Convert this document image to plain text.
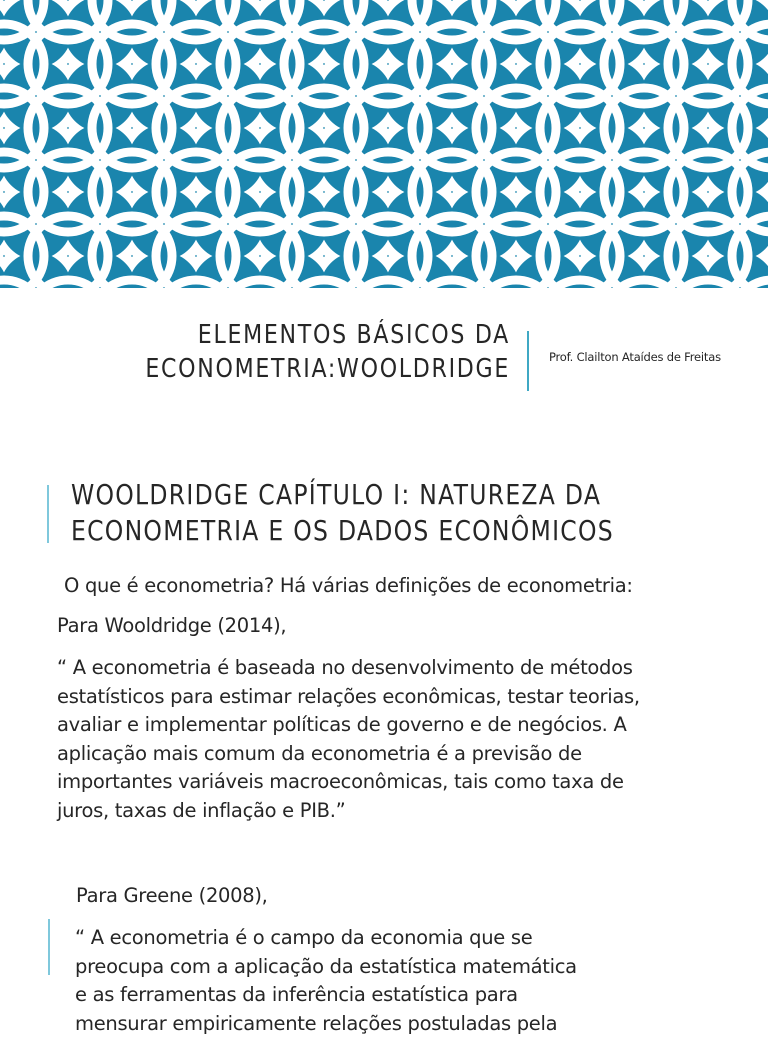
ELEMENTOS BÁSICOS DA
ECONOMETRIA:WOOLDRIDGE	Prof. Clailton Ataídes de Freitas
WOOLDRIDGE CAPÍTULO I: NATUREZA DA
ECONOMETRIA E OS DADOS ECONÔMICOS

O que é econometria? Há várias definições de econometria:

Para Wooldridge (2014),

“ A econometria é baseada no desenvolvimento de métodos
estatísticos para estimar relações econômicas, testar teorias,
avaliar e implementar políticas de governo e de negócios. A
aplicação mais comum da econometria é a previsão de
importantes variáveis macroeconômicas, tais como taxa de
juros, taxas de inflação e PIB.”

Para Greene (2008),

“ A econometria é o campo da economia que se
preocupa com a aplicação da estatística matemática
e as ferramentas da inferência estatística para
mensurar empiricamente relações postuladas pela
